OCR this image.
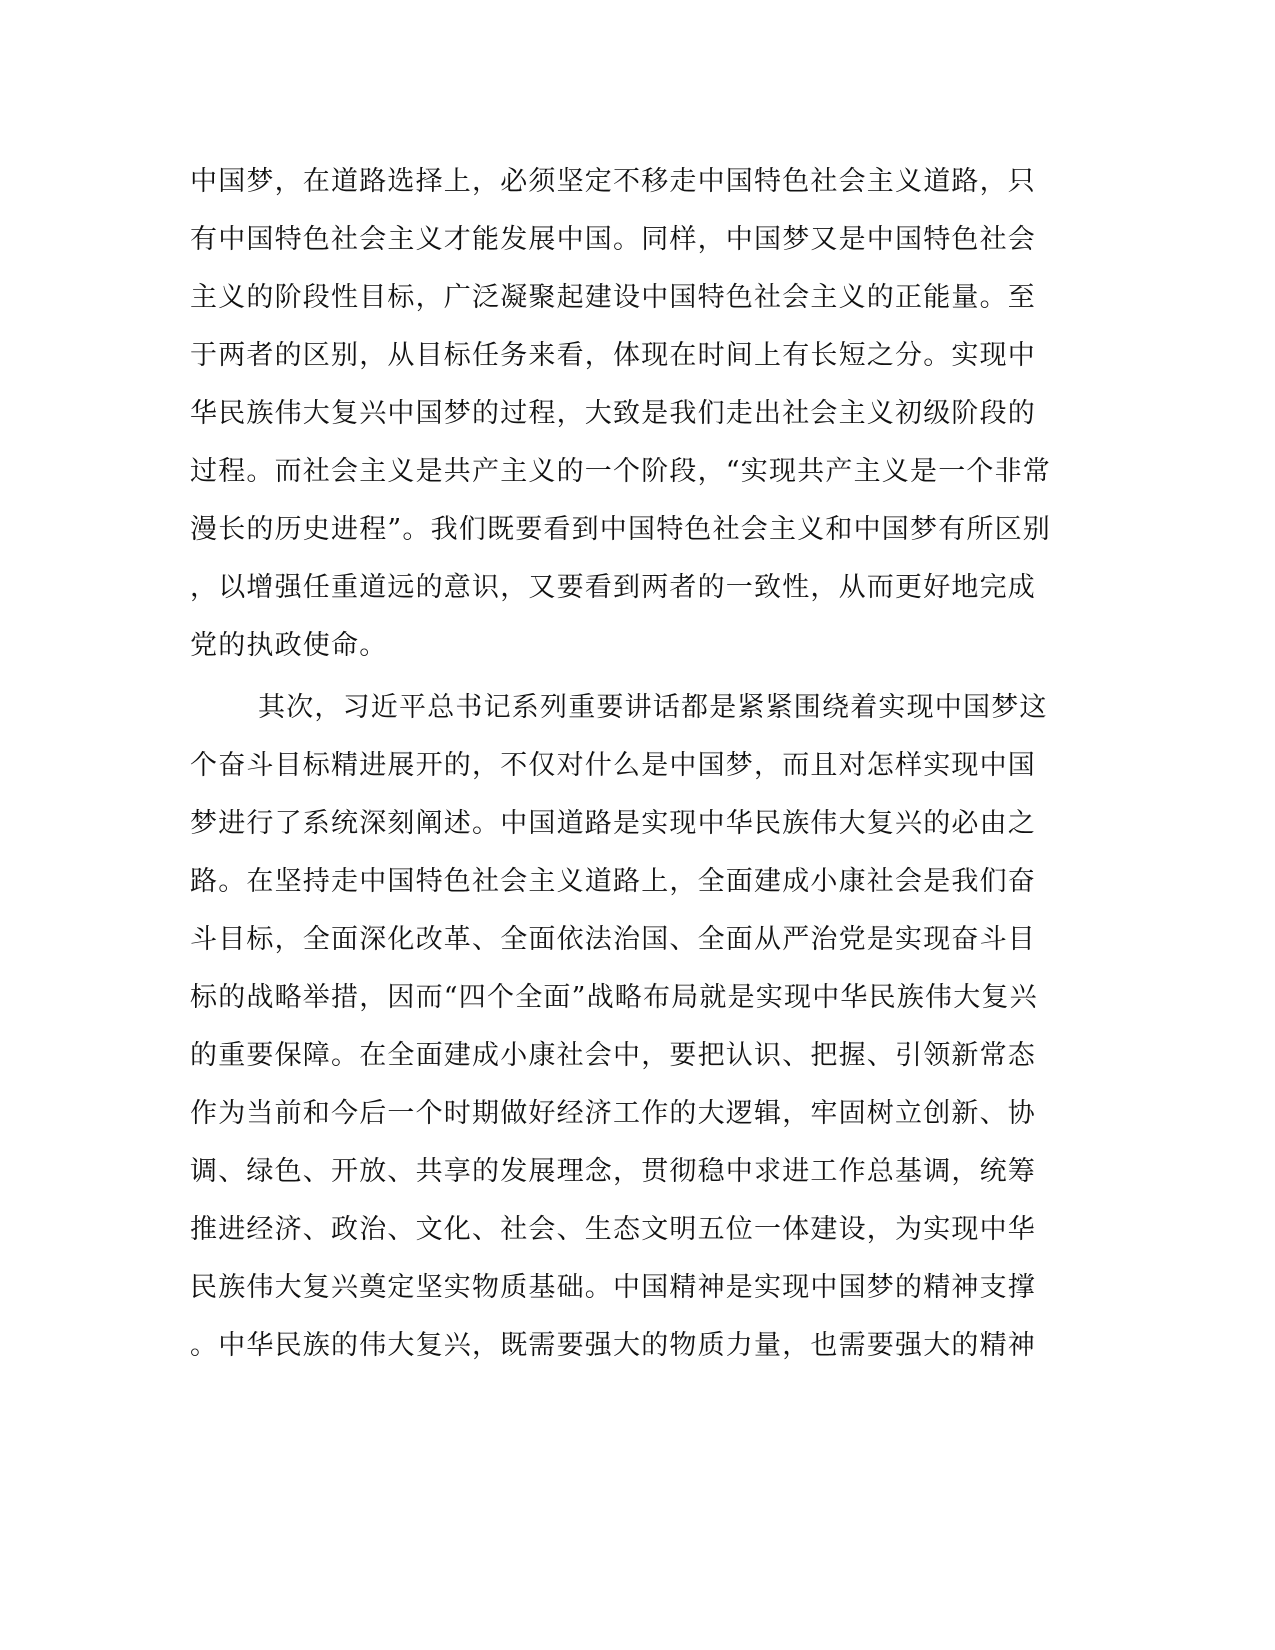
中国梦，在道路选择上，必须坚定不移走中国特色社会主义道路，只
有中国特色社会主义才能发展中国。同样，中国梦又是中国特色社会
主义的阶段性目标，广泛凝聚起建设中国特色社会主义的正能量。至
于两者的区别，从目标任务来看，体现在时间上有长短之分。实现中
华民族伟大复兴中国梦的过程，大致是我们走出社会主义初级阶段的
过程。而社会主义是共产主义的一个阶段，“实现共产主义是一个非常
漫长的历史进程”。我们既要看到中国特色社会主义和中国梦有所区别
，以增强任重道远的意识，又要看到两者的一致性，从而更好地完成
党的执政使命。
其次，习近平总书记系列重要讲话都是紧紧围绕着实现中国梦这
个奋斗目标精进展开的，不仅对什么是中国梦，而且对怎样实现中国
梦进行了系统深刻阐述。中国道路是实现中华民族伟大复兴的必由之
路。在坚持走中国特色社会主义道路上，全面建成小康社会是我们奋
斗目标，全面深化改革、全面依法治国、全面从严治党是实现奋斗目
标的战略举措，因而“四个全面”战略布局就是实现中华民族伟大复兴
的重要保障。在全面建成小康社会中，要把认识、把握、引领新常态
作为当前和今后一个时期做好经济工作的大逻辑，牢固树立创新、协
调、绿色、开放、共享的发展理念，贯彻稳中求进工作总基调，统筹
推进经济、政治、文化、社会、生态文明五位一体建设，为实现中华
民族伟大复兴奠定坚实物质基础。中国精神是实现中国梦的精神支撑
。中华民族的伟大复兴，既需要强大的物质力量，也需要强大的精神
